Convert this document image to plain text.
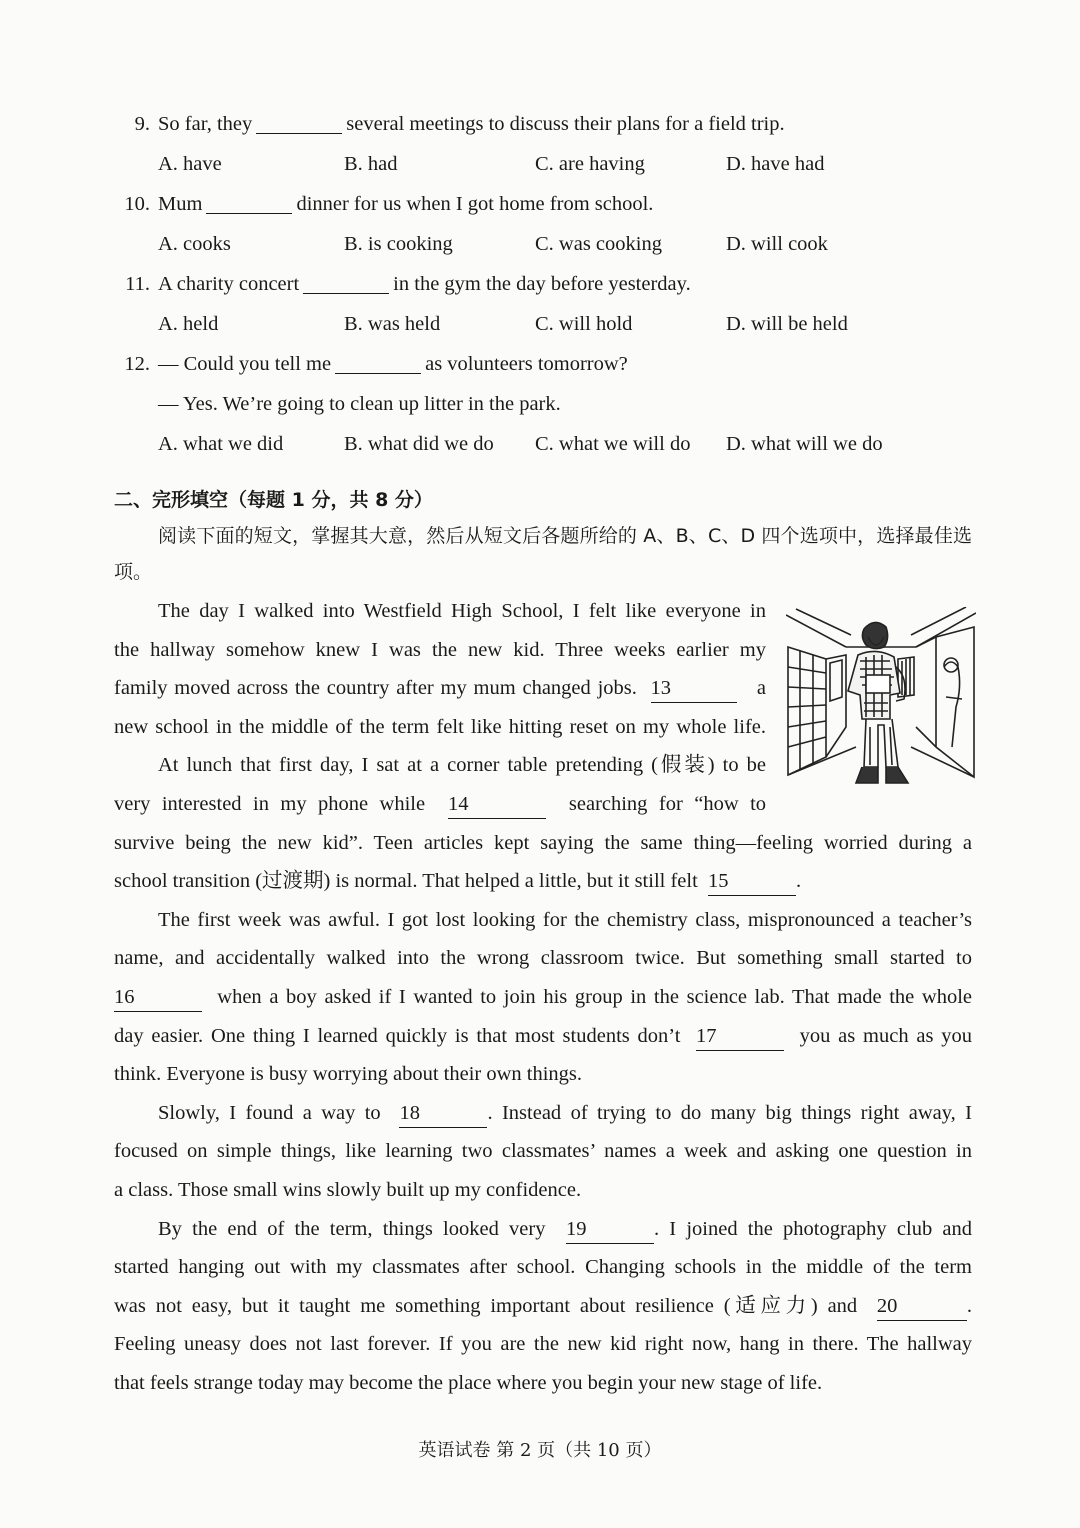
9. So far, they	several meetings to discuss their plans for a field trip.
A. have	B. had	C. are having	D. have had
10. Mum	dinner for us when I got home from school.
A. cooks	B. is cooking	C. was cooking	D. will cook
11. A charity concert	in the gym the day before yesterday.
A. held	B. was held	C. will hold	D. will be held
12. — Could you tell me	as volunteers tomorrow?
— Yes. We’re going to clean up litter in the park.
A. what we did	B. what did we do C. what we will do D. what will we do
二、完形填空（每题 1 分，共 8 分）
阅读下面的短文，掌握其大意，然后从短文后各题所给的 A、B、C、D 四个选项中，选择最佳选项。
The day I walked into Westfield High School, I felt like everyone in
the hallway somehow knew I was the new kid. Three weeks earlier my
family moved across the country after my mum changed jobs. 13	a
new school in the middle of the term felt like hitting reset on my whole life.
At lunch that first day, I sat at a corner table pretending (假装) to be
very interested in my phone while 14	searching for “how to
survive being the new kid”. Teen articles kept saying the same thing—feeling worried during a
school transition (过渡期) is normal. That helped a little, but it still felt 15	.
The first week was awful. I got lost looking for the chemistry class, mispronounced a teacher’s
name, and accidentally walked into the wrong classroom twice. But something small started to
16	when a boy asked if I wanted to join his group in the science lab. That made the whole
day easier. One thing I learned quickly is that most students don’t 17	you as much as you
think. Everyone is busy worrying about their own things.
Slowly, I found a way to 18	. Instead of trying to do many big things right away, I
focused on simple things, like learning two classmates’ names a week and asking one question in
a class. Those small wins slowly built up my confidence.
By the end of the term, things looked very 19	. I joined the photography club and
started hanging out with my classmates after school. Changing schools in the middle of the term
was not easy, but it taught me something important about resilience (适应力) and 20	.
Feeling uneasy does not last forever. If you are the new kid right now, hang in there. The hallway
that feels strange today may become the place where you begin your new stage of life.
英语试卷 第 2 页（共 10 页）
